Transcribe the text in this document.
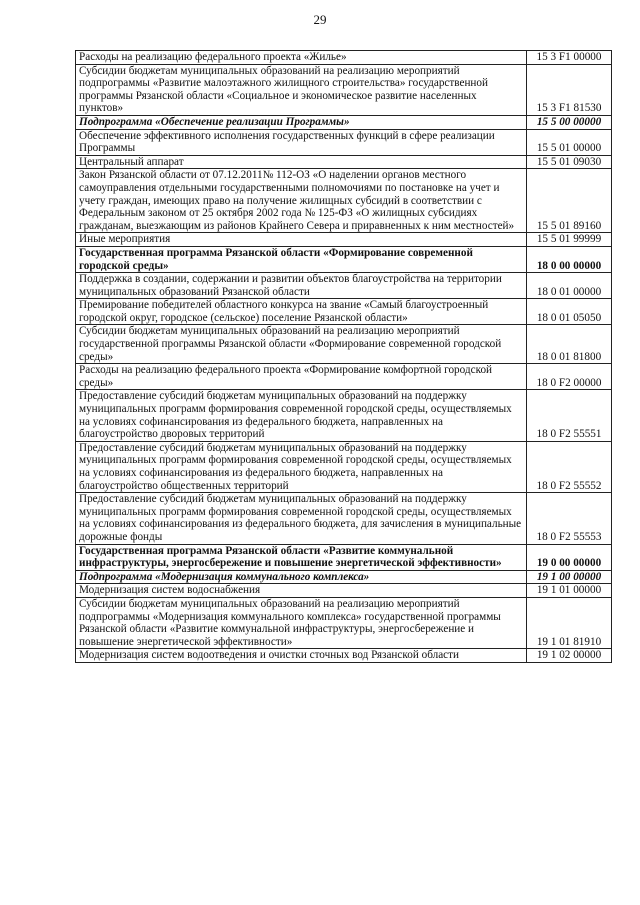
29
Расходы на реализацию федерального проекта «Жилье»	15 3 F1 00000
Субсидии бюджетам муниципальных образований на реализацию мероприятий подпрограммы «Развитие малоэтажного жилищного строительства» государственной программы Рязанской области «Социальное и экономическое развитие населенных пунктов»	15 3 F1 81530
Подпрограмма «Обеспечение реализации Программы»	15 5 00 00000
Обеспечение эффективного исполнения государственных функций в сфере реализации Программы	15 5 01 00000
Центральный аппарат	15 5 01 09030
Закон Рязанской области от 07.12.2011№ 112-ОЗ «О наделении органов местного самоуправления отдельными государственными полномочиями по постановке на учет и учету граждан, имеющих право на получение жилищных субсидий в соответствии с Федеральным законом от 25 октября 2002 года № 125-ФЗ «О жилищных субсидиях гражданам, выезжающим из районов Крайнего Севера и приравненных к ним местностей»	15 5 01 89160
Иные мероприятия	15 5 01 99999
Государственная программа Рязанской области «Формирование современной городской среды»	18 0 00 00000
Поддержка в создании, содержании и развитии объектов благоустройства на территории муниципальных образований Рязанской области	18 0 01 00000
Премирование победителей областного конкурса на звание «Самый благоустроенный городской округ, городское (сельское) поселение Рязанской области»	18 0 01 05050
Субсидии бюджетам муниципальных образований на реализацию мероприятий государственной программы Рязанской области «Формирование современной городской среды»	18 0 01 81800
Расходы на реализацию федерального проекта «Формирование комфортной городской среды»	18 0 F2 00000
Предоставление субсидий бюджетам муниципальных образований на поддержку муниципальных программ формирования современной городской среды, осуществляемых на условиях софинансирования из федерального бюджета, направленных на благоустройство дворовых территорий	18 0 F2 55551
Предоставление субсидий бюджетам муниципальных образований на поддержку муниципальных программ формирования современной городской среды, осуществляемых на условиях софинансирования из федерального бюджета, направленных на благоустройство общественных территорий	18 0 F2 55552
Предоставление субсидий бюджетам муниципальных образований на поддержку муниципальных программ формирования современной городской среды, осуществляемых на условиях софинансирования из федерального бюджета, для зачисления в муниципальные дорожные фонды	18 0 F2 55553
Государственная программа Рязанской области «Развитие коммунальной инфраструктуры, энергосбережение и повышение энергетической эффективности»	19 0 00 00000
Подпрограмма «Модернизация коммунального комплекса»	19 1 00 00000
Модернизация систем водоснабжения	19 1 01 00000
Субсидии бюджетам муниципальных образований на реализацию мероприятий подпрограммы «Модернизация коммунального комплекса» государственной программы Рязанской области «Развитие коммунальной инфраструктуры, энергосбережение и повышение энергетической эффективности»	19 1 01 81910
Модернизация систем водоотведения и очистки сточных вод Рязанской области	19 1 02 00000
